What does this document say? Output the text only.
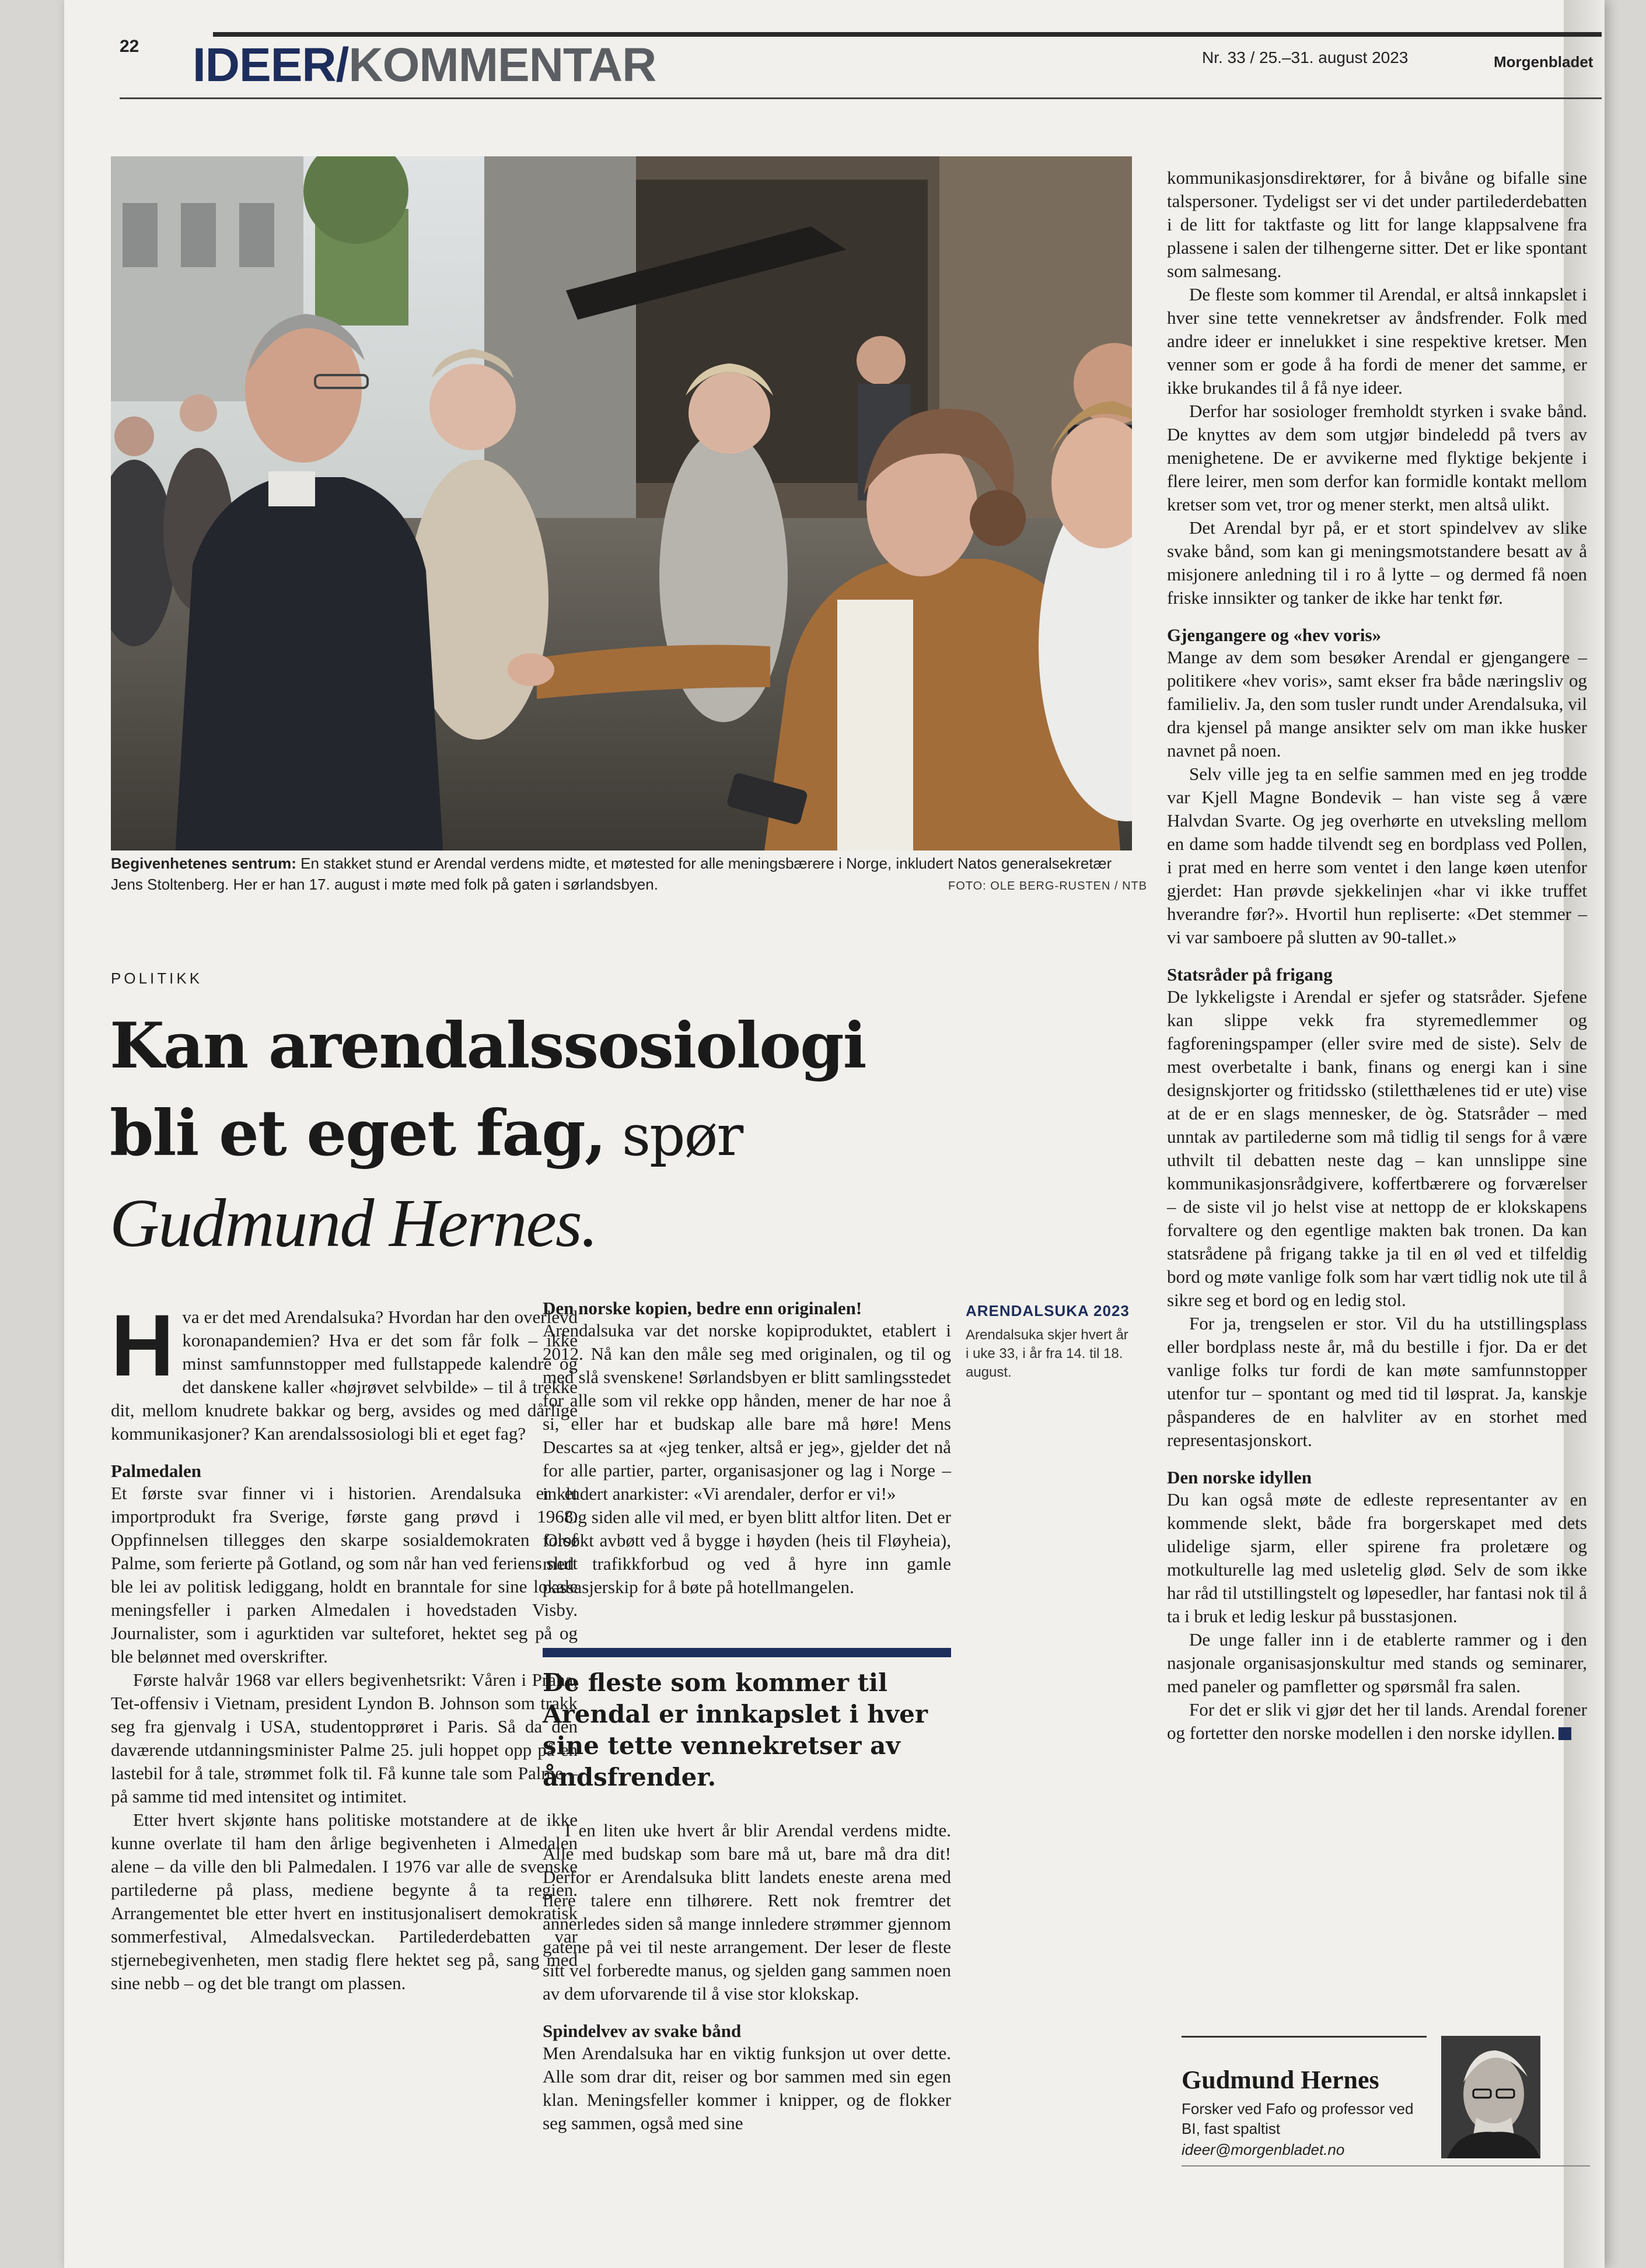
22 IDEER/KOMMENTAR	Nr. 33 / 25.–31. august 2023	Morgenbladet
Begivenhetenes sentrum: En stakket stund er Arendal verdens midte, et møtested for alle meningsbærere i Norge, inkludert Natos generalsekretær Jens Stoltenberg. Her er han 17. august i møte med folk på gaten i sørlandsbyen.	FOTO: OLE BERG-RUSTEN / NTB
POLITIKK
Kan arendalssosiologi
bli et eget fag, spør
Gudmund Hernes.

Hva er det med Arendalsuka? Hvordan har den overlevd koronapandemien? Hva er det som får folk – ikke minst samfunnstopper med fullstappede kalendre og det danskene kaller «højrøvet selvbilde» – til å trekke dit, mellom knudrete bakkar og berg, avsides og med dårlige kommunikasjoner? Kan arendalssosiologi bli et eget fag?

Palmedalen

Et første svar finner vi i historien. Arendalsuka er et importprodukt fra Sverige, første gang prøvd i 1968. Oppfinnelsen tillegges den skarpe sosialdemokraten Olof Palme, som ferierte på Gotland, og som når han ved feriens slutt ble lei av politisk lediggang, holdt en branntale for sine lokale meningsfeller i parken Almedalen i hovedstaden Visby. Journalister, som i agurktiden var sulteforet, hektet seg på og ble belønnet med overskrifter.

Første halvår 1968 var ellers begivenhetsrikt: Våren i Praha, Tet-offensiv i Vietnam, president Lyndon B. Johnson som trakk seg fra gjenvalg i USA, studentopprøret i Paris. Så da den daværende utdanningsminister Palme 25. juli hoppet opp på en lastebil for å tale, strømmet folk til. Få kunne tale som Palme – på samme tid med intensitet og intimitet.

Etter hvert skjønte hans politiske motstandere at de ikke kunne overlate til ham den årlige begivenheten i Almedalen alene – da ville den bli Palmedalen. I 1976 var alle de svenske partilederne på plass, mediene begynte å ta regien. Arrangementet ble etter hvert en institusjonalisert demokratisk sommerfestival, Almedalsveckan. Partilederdebatten var stjernebegivenheten, men stadig flere hektet seg på, sang med sine nebb – og det ble trangt om plassen.

Den norske kopien, bedre enn originalen!

Arendalsuka var det norske kopiproduktet, etablert i 2012. Nå kan den måle seg med originalen, og til og med slå svenskene! Sørlandsbyen er blitt samlingsstedet for alle som vil rekke opp hånden, mener de har noe å si, eller har et budskap alle bare må høre! Mens Descartes sa at «jeg tenker, altså er jeg», gjelder det nå for alle partier, parter, organisasjoner og lag i Norge – inkludert anarkister: «Vi arendaler, derfor er vi!»

Og siden alle vil med, er byen blitt altfor liten. Det er forsøkt avbøtt ved å bygge i høyden (heis til Fløyheia), med trafikkforbud og ved å hyre inn gamle passasjerskip for å bøte på hotellmangelen.

De fleste som kommer til Arendal er innkapslet i hver sine tette vennekretser av åndsfrender.

I en liten uke hvert år blir Arendal verdens midte. Alle med budskap som bare må ut, bare må dra dit! Derfor er Arendalsuka blitt landets eneste arena med flere talere enn tilhørere. Rett nok fremtrer det annerledes siden så mange innledere strømmer gjennom gatene på vei til neste arrangement. Der leser de fleste sitt vel forberedte manus, og sjelden gang sammen noen av dem uforvarende til å vise stor klokskap.

Spindelvev av svake bånd

Men Arendalsuka har en viktig funksjon ut over dette. Alle som drar dit, reiser og bor sammen med sin egen klan. Meningsfeller kommer i knipper, og de flokker seg sammen, også med sine

ARENDALSUKA 2023
Arendalsuka skjer hvert år i uke 33, i år fra 14. til 18. august.

kommunikasjonsdirektører, for å bivåne og bifalle sine talspersoner. Tydeligst ser vi det under partilederdebatten i de litt for taktfaste og litt for lange klappsalvene fra plassene i salen der tilhengerne sitter. Det er like spontant som salmesang.

De fleste som kommer til Arendal, er altså innkapslet i hver sine tette vennekretser av åndsfrender. Folk med andre ideer er innelukket i sine respektive kretser. Men venner som er gode å ha fordi de mener det samme, er ikke brukandes til å få nye ideer.

Derfor har sosiologer fremholdt styrken i svake bånd. De knyttes av dem som utgjør bindeledd på tvers av menighetene. De er avvikerne med flyktige bekjente i flere leirer, men som derfor kan formidle kontakt mellom kretser som vet, tror og mener sterkt, men altså ulikt.

Det Arendal byr på, er et stort spindelvev av slike svake bånd, som kan gi meningsmotstandere besatt av å misjonere anledning til i ro å lytte – og dermed få noen friske innsikter og tanker de ikke har tenkt før.

Gjengangere og «hev voris»

Mange av dem som besøker Arendal er gjengangere – politikere «hev voris», samt ekser fra både næringsliv og familieliv. Ja, den som tusler rundt under Arendalsuka, vil dra kjensel på mange ansikter selv om man ikke husker navnet på noen.

Selv ville jeg ta en selfie sammen med en jeg trodde var Kjell Magne Bondevik – han viste seg å være Halvdan Svarte. Og jeg overhørte en utveksling mellom en dame som hadde tilvendt seg en bordplass ved Pollen, i prat med en herre som ventet i den lange køen utenfor gjerdet: Han prøvde sjekkelinjen «har vi ikke truffet hverandre før?». Hvortil hun repliserte: «Det stemmer – vi var samboere på slutten av 90-tallet.»

Statsråder på frigang

De lykkeligste i Arendal er sjefer og statsråder. Sjefene kan slippe vekk fra styremedlemmer og fagforeningspamper (eller svire med de siste). Selv de mest overbetalte i bank, finans og energi kan i sine designskjorter og fritidssko (stiletthælenes tid er ute) vise at de er en slags mennesker, de òg. Statsråder – med unntak av partilederne som må tidlig til sengs for å være uthvilt til debatten neste dag – kan unnslippe sine kommunikasjonsrådgivere, koffertbærere og forværelser – de siste vil jo helst vise at nettopp de er klokskapens forvaltere og den egentlige makten bak tronen. Da kan statsrådene på frigang takke ja til en øl ved et tilfeldig bord og møte vanlige folk som har vært tidlig nok ute til å sikre seg et bord og en ledig stol.

For ja, trengselen er stor. Vil du ha utstillingsplass eller bordplass neste år, må du bestille i fjor. Da er det vanlige folks tur fordi de kan møte samfunnstopper utenfor tur – spontant og med tid til løsprat. Ja, kanskje påspanderes de en halvliter av en storhet med representasjonskort.

Den norske idyllen

Du kan også møte de edleste representanter av en kommende slekt, både fra borgerskapet med dets ulidelige sjarm, eller spirene fra proletære og motkulturelle lag med usletelig glød. Selv de som ikke har råd til utstillingstelt og løpesedler, har fantasi nok til å ta i bruk et ledig leskur på busstasjonen.

De unge faller inn i de etablerte rammer og i den nasjonale organisasjonskultur med stands og seminarer, med paneler og pamfletter og spørsmål fra salen.

For det er slik vi gjør det her til lands. Arendal forener og fortetter den norske modellen i den norske idyllen.

Gudmund Hernes
Forsker ved Fafo og professor ved BI, fast spaltist
ideer@morgenbladet.no
